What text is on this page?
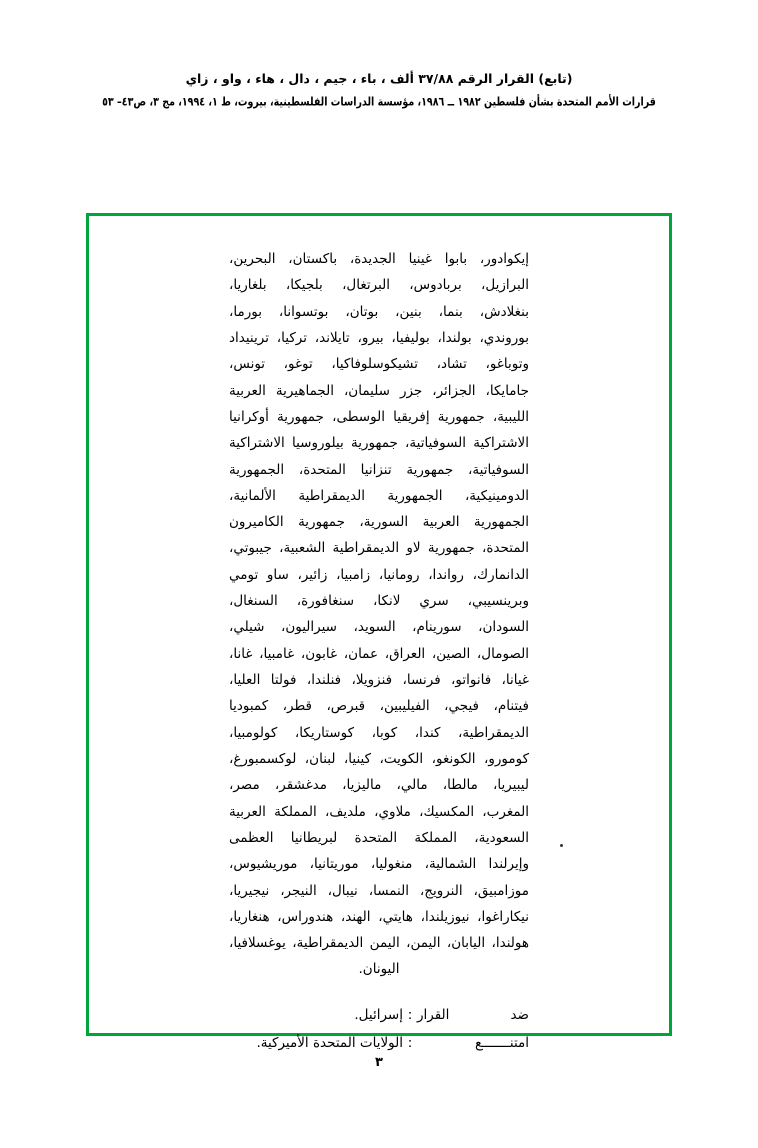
(تابع) القرار الرقم ٣٧/٨٨ ألف ، باء ، جيم ، دال ، هاء ، واو ، زاي
قرارات الأمم المتحدة بشأن فلسطين ١٩٨٢ ــ ١٩٨٦، مؤسسة الدراسات الفلسطينية، بيروت، ط ١، ١٩٩٤، مج ٣، ص٤٣– ٥٣
إيكوادور، بابوا غينيا الجديدة، باكستان، البحرين، البرازيل، بربادوس، البرتغال، بلجيكا، بلغاريا، بنغلادش، بنما، بنين، بوتان، بوتسوانا، بورما، بوروندي، بولندا، بوليفيا، بيرو، تايلاند، تركيا، ترينيداد وتوباغو، تشاد، تشيكوسلوفاكيا، توغو، تونس، جامايكا، الجزائر، جزر سليمان، الجماهيرية العربية الليبية، جمهورية إفريقيا الوسطى، جمهورية أوكرانيا الاشتراكية السوفياتية، جمهورية بيلوروسيا الاشتراكية السوفياتية، جمهورية تنزانيا المتحدة، الجمهورية الدومينيكية، الجمهورية الديمقراطية الألمانية، الجمهورية العربية السورية، جمهورية الكاميرون المتحدة، جمهورية لاو الديمقراطية الشعبية، جيبوتي، الدانمارك، رواندا، رومانيا، زامبيا، زائير، ساو تومي وبرينسيبي، سري لانكا، سنغافورة، السنغال، السودان، سورينام، السويد، سيراليون، شيلي، الصومال، الصين، العراق، عمان، غابون، غامبيا، غانا، غيانا، فانواتو، فرنسا، فنزويلا، فنلندا، فولتا العليا، فيتنام، فيجي، الفيليبين، قبرص، قطر، كمبوديا الديمقراطية، كندا، كوبا، كوستاريكا، كولومبيا، كومورو، الكونغو، الكويت، كينيا، لبنان، لوكسمبورغ، ليبيريا، مالطا، مالي، ماليزيا، مدغشقر، مصر، المغرب، المكسيك، ملاوي، ملديف، المملكة العربية السعودية، المملكة المتحدة لبريطانيا العظمى وإيرلندا الشمالية، منغوليا، موريتانيا، موريشيوس، موزامبيق، النرويج، النمسا، نيبال، النيجر، نيجيريا، نيكاراغوا، نيوزيلندا، هايتي، الهند، هندوراس، هنغاريا، هولندا، اليابان، اليمن، اليمن الديمقراطية، يوغسلافيا، اليونان.
ضد القرار
:
إسرائيل.
امتنـــــــع
:
الولايات المتحدة الأميركية.
٣
